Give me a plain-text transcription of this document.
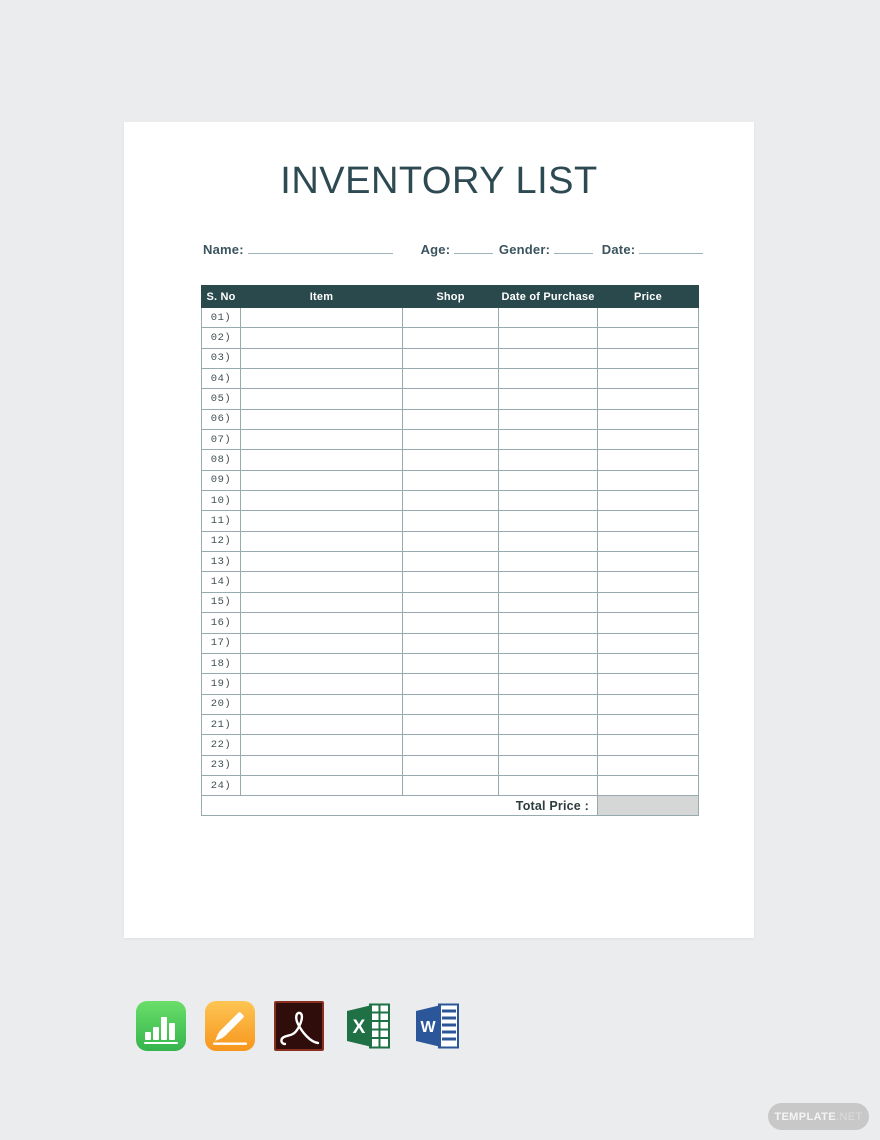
INVENTORY LIST
Name:	Age:	Gender:	Date:
S. No	Item	Shop	Date of Purchase	Price
01)				
02)				
03)				
04)				
05)				
06)				
07)				
08)				
09)				
10)				
11)				
12)				
13)				
14)				
15)				
16)				
17)				
18)				
19)				
20)				
21)				
22)				
23)				
24)				
Total Price :				
X	W
TEMPLATE .NET
